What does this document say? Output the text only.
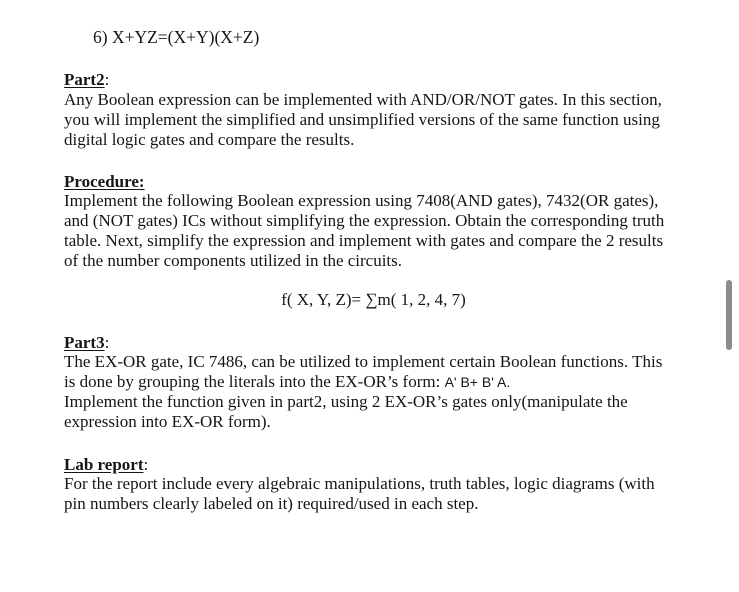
6) X+YZ=(X+Y)(X+Z)
Part2:
Any Boolean expression can be implemented with AND/OR/NOT gates. In this section,
you will implement the simplified and unsimplified versions of the same function using
digital logic gates and compare the results.
Procedure:
Implement the following Boolean expression using 7408(AND gates), 7432(OR gates),
and (NOT gates) ICs without simplifying the expression. Obtain the corresponding truth
table. Next, simplify the expression and implement with gates and compare the 2 results
of the number components utilized in the circuits.
f( X, Y, Z)= ∑m( 1, 2, 4, 7)
Part3:
The EX-OR gate, IC 7486, can be utilized to implement certain Boolean functions. This
is done by grouping the literals into the EX-OR’s form: A' B+ B' A.
Implement the function given in part2, using 2 EX-OR’s gates only(manipulate the
expression into EX-OR form).
Lab report:
For the report include every algebraic manipulations, truth tables, logic diagrams (with
pin numbers clearly labeled on it) required/used in each step.
